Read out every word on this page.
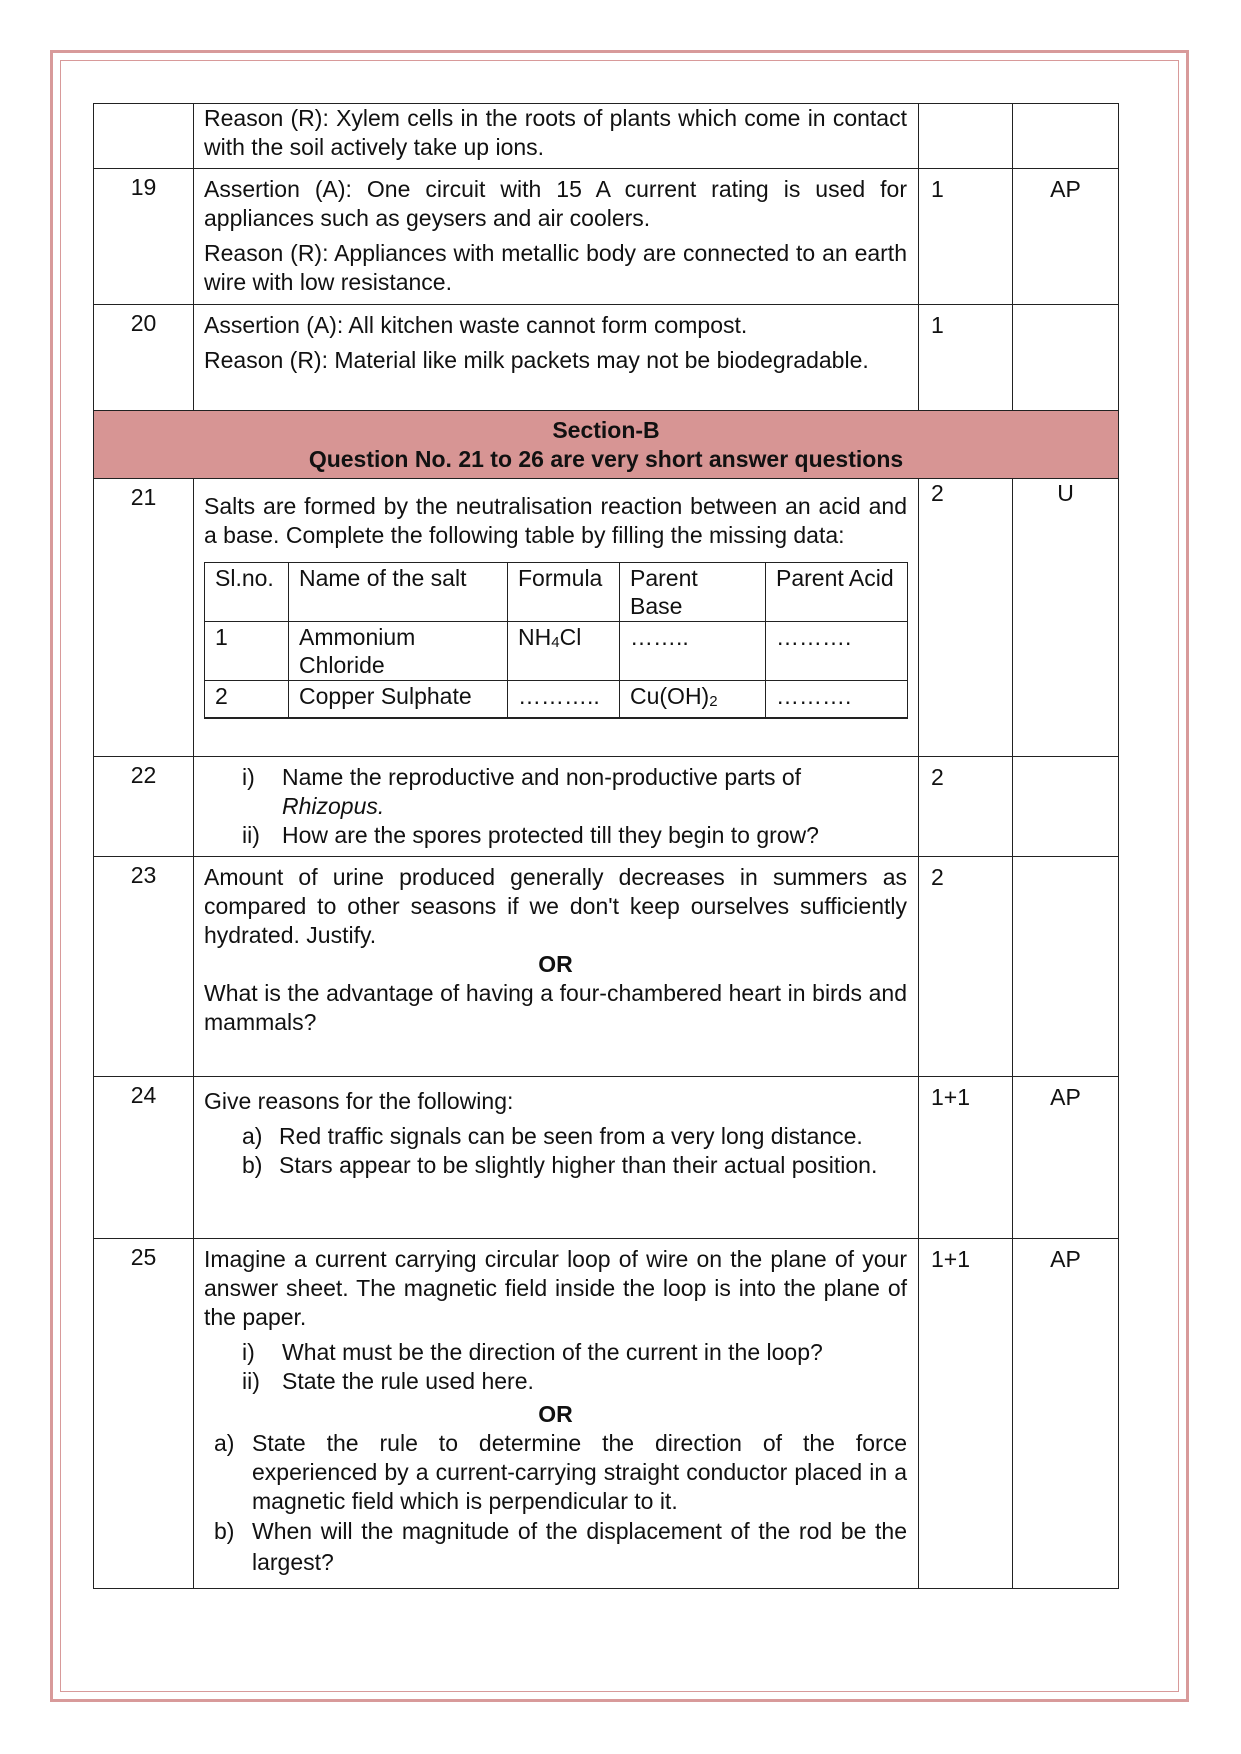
Reason (R): Xylem cells in the roots of plants which come in contact with the soil actively take up ions.

19	Assertion (A): One circuit with 15 A current rating is used for appliances such as geysers and air coolers.
Reason (R): Appliances with metallic body are connected to an earth wire with low resistance.
	1	AP
20	Assertion (A): All kitchen waste cannot form compost.
Reason (R): Material like milk packets may not be biodegradable.
	1	

Section-B
Question No. 21 to 26 are very short answer questions

21	Salts are formed by the neutralisation reaction between an acid and a base. Complete the following table by filling the missing data:
Sl.no.	Name of the salt	Formula	Parent Base	Parent Acid
1	Ammonium Chloride	$NH_4Cl$	……..	……….
2	Copper Sulphate	………..	$Cu(OH)_2$	……….
	2	U
22	i) Name the reproductive and non-productive parts of Rhizopus.
ii) How are the spores protected till they begin to grow?
	2	
23	Amount of urine produced generally decreases in summers as compared to other seasons if we don't keep ourselves sufficiently hydrated. Justify.
OR
What is the advantage of having a four-chambered heart in birds and mammals?
	2	
24	Give reasons for the following:
a) Red traffic signals can be seen from a very long distance.
b) Stars appear to be slightly higher than their actual position.
	1+1	AP
25	Imagine a current carrying circular loop of wire on the plane of your answer sheet. The magnetic field inside the loop is into the plane of the paper.
i) What must be the direction of the current in the loop?
ii) State the rule used here.
OR
a) State the rule to determine the direction of the force experienced by a current-carrying straight conductor placed in a magnetic field which is perpendicular to it.
b) When will the magnitude of the displacement of the rod be the largest?
	1+1	AP
